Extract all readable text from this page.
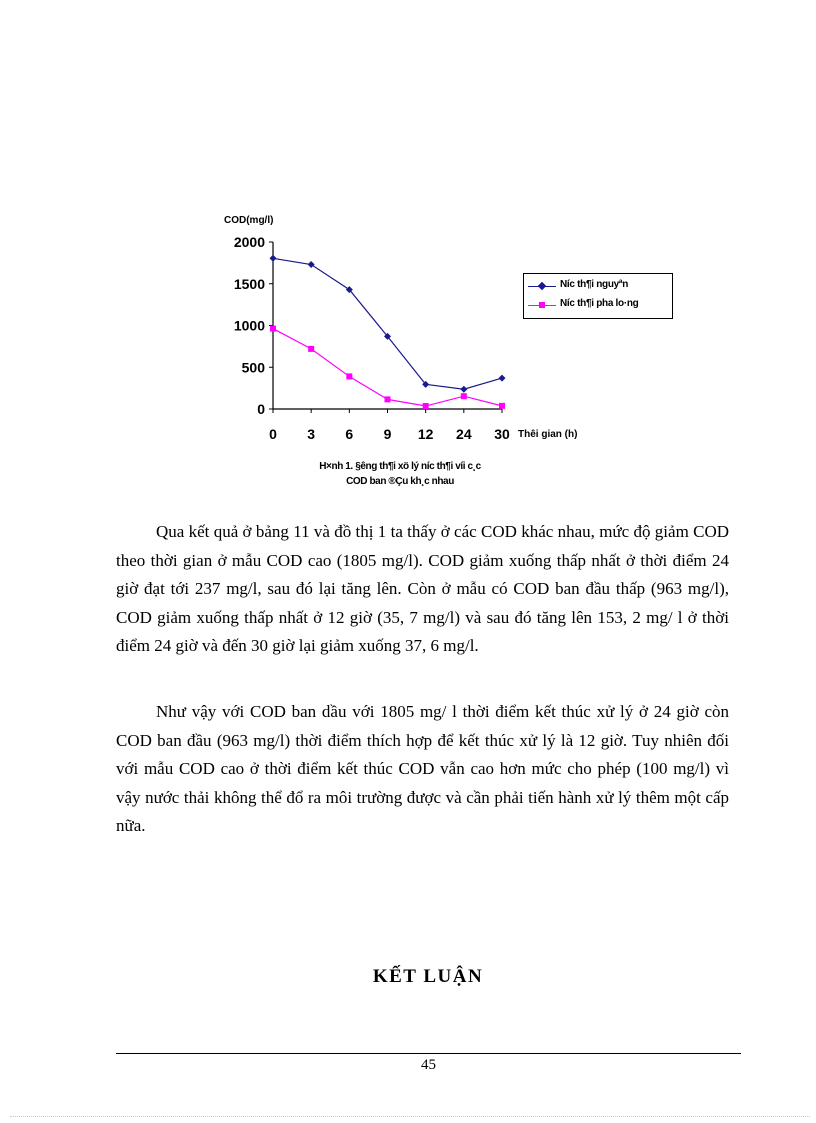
0
500
1000
1500
2000
0 3 6 9 12 24 30
COD(mg/l)
Thêi gian (h)
Níc th¶i nguyªn
Níc th¶i pha lo·ng
H×nh 1. §êng th¶i xö lý níc th¶i víi c¸c
COD ban ®Çu kh¸c nhau

Qua kết quả ở bảng 11 và đồ thị 1 ta thấy ở các COD khác nhau, mức độ giảm COD theo thời gian ở mẫu COD cao (1805 mg/l). COD giảm xuống thấp nhất ở thời điểm 24 giờ đạt tới 237 mg/l, sau đó lại tăng lên. Còn ở mẫu có COD ban đầu thấp (963 mg/l), COD giảm xuống thấp nhất ở 12 giờ (35, 7 mg/l) và sau đó tăng lên 153, 2 mg/ l ở thời điểm 24 giờ và đến 30 giờ lại giảm xuống 37, 6 mg/l.

Như vậy với COD ban dầu với 1805 mg/ l thời điểm kết thúc xử lý ở 24 giờ còn COD ban đầu (963 mg/l) thời điểm thích hợp để kết thúc xử lý là 12 giờ. Tuy nhiên đối với mẫu COD cao ở thời điểm kết thúc COD vẫn cao hơn mức cho phép (100 mg/l) vì vậy nước thải không thể đổ ra môi trường được và cần phải tiến hành xử lý thêm một cấp nữa.

KẾT LUẬN
45
